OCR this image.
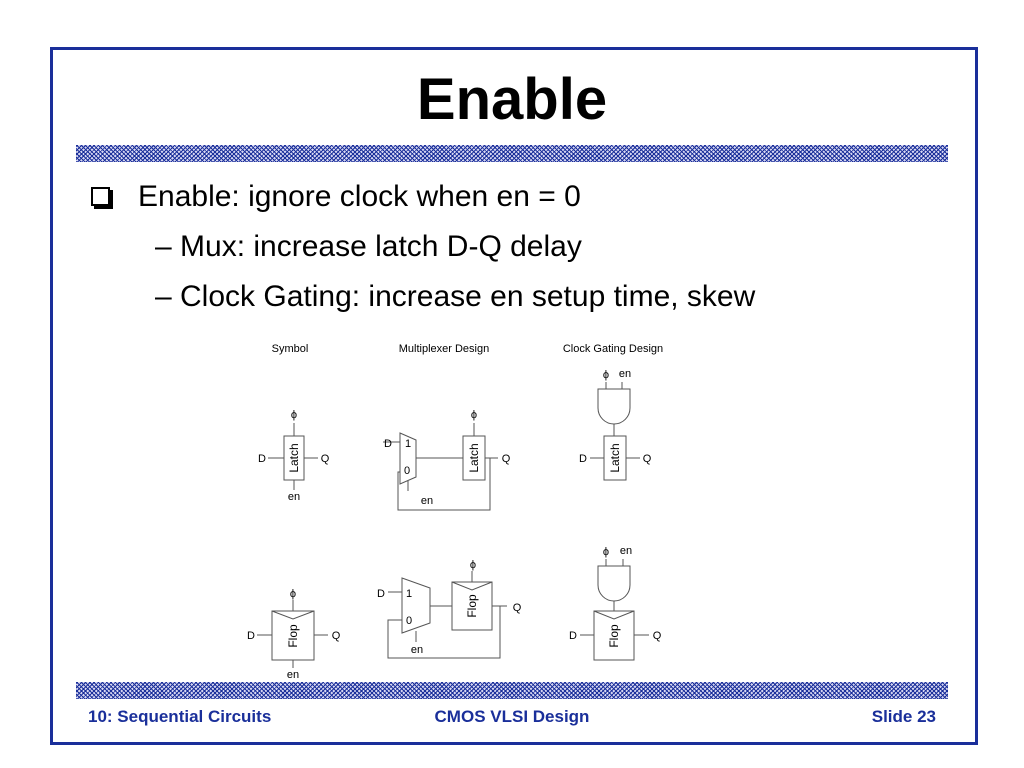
Enable
Enable: ignore clock when en = 0
– Mux: increase latch D-Q delay
– Clock Gating: increase en setup time, skew
Symbol	Multiplexer Design	Clock Gating Design
Latch
ϕ
D	Q
en
1
0
D	Latch
ϕ
Q
en
ϕ en
Latch
D	Q
Flop
ϕ
D	Q
en
1
0
D
Flop
ϕ
Q
en
ϕ en
Flop
D	Q
10: Sequential Circuits	CMOS VLSI Design	Slide 23
